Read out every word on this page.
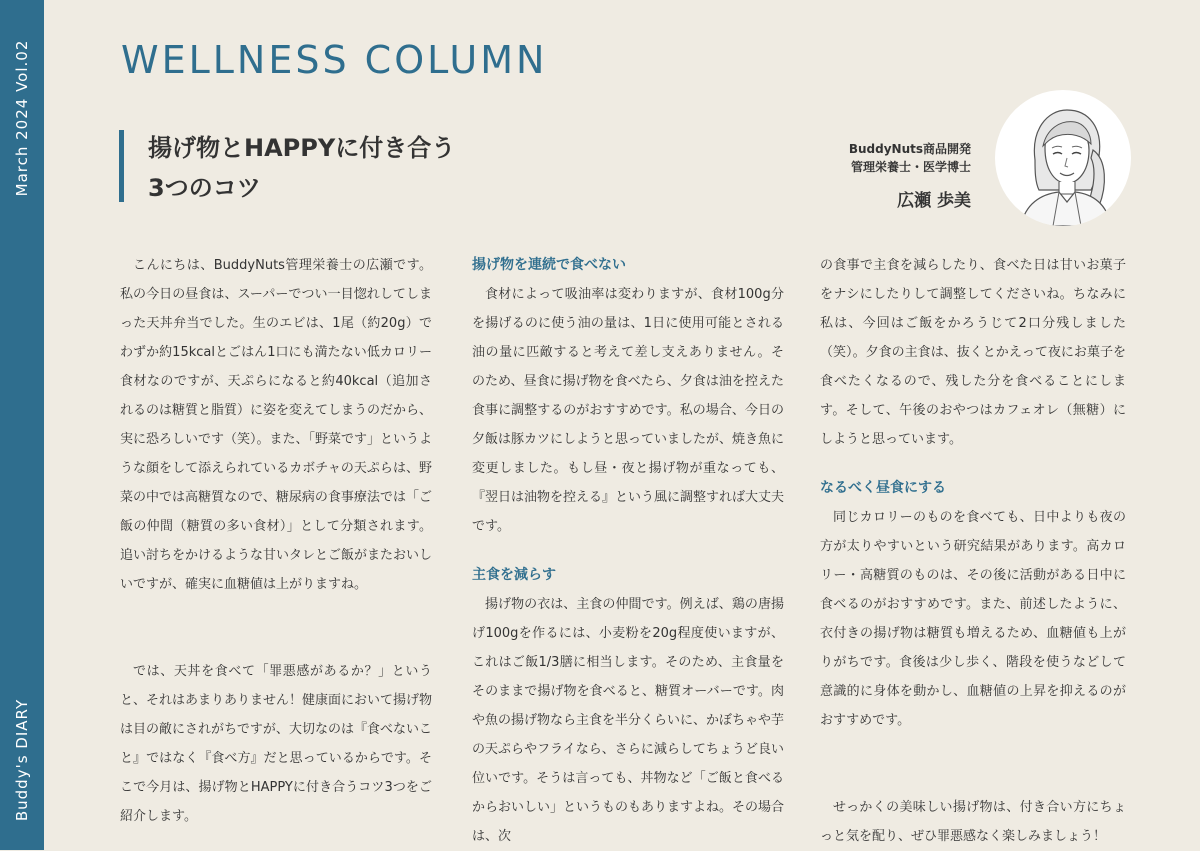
March 2024 Vol.02
Buddy's DIARY
WELLNESS COLUMN
揚げ物とHAPPYに付き合う
3つのコツ
BuddyNuts商品開発
管理栄養士・医学博士
広瀬 歩美

こんにちは、BuddyNuts管理栄養士の広瀬です。私の今日の昼食は、スーパーでつい一目惚れしてしまった天丼弁当でした。生のエビは、1尾（約20g）でわずか約15kcalとごはん1口にも満たない低カロリー食材なのですが、天ぷらになると約40kcal（追加されるのは糖質と脂質）に姿を変えてしまうのだから、実に恐ろしいです（笑）。また、「野菜です」というような顔をして添えられているカボチャの天ぷらは、野菜の中では高糖質なので、糖尿病の食事療法では「ご飯の仲間（糖質の多い食材）」として分類されます。追い討ちをかけるような甘いタレとご飯がまたおいしいですが、確実に血糖値は上がりますね。

では、天丼を食べて「罪悪感があるか？」というと、それはあまりありません！健康面において揚げ物は目の敵にされがちですが、大切なのは『食べないこと』ではなく『食べ方』だと思っているからです。そこで今月は、揚げ物とHAPPYに付き合うコツ3つをご紹介します。

揚げ物を連続で食べない

食材によって吸油率は変わりますが、食材100g分を揚げるのに使う油の量は、1日に使用可能とされる油の量に匹敵すると考えて差し支えありません。そのため、昼食に揚げ物を食べたら、夕食は油を控えた食事に調整するのがおすすめです。私の場合、今日の夕飯は豚カツにしようと思っていましたが、焼き魚に変更しました。もし昼・夜と揚げ物が重なっても、『翌日は油物を控える』という風に調整すれば大丈夫です。

主食を減らす

揚げ物の衣は、主食の仲間です。例えば、鶏の唐揚げ100gを作るには、小麦粉を20g程度使いますが、これはご飯1/3膳に相当します。そのため、主食量をそのままで揚げ物を食べると、糖質オーバーです。肉や魚の揚げ物なら主食を半分くらいに、かぼちゃや芋の天ぷらやフライなら、さらに減らしてちょうど良い位いです。そうは言っても、丼物など「ご飯と食べるからおいしい」というものもありますよね。その場合は、次

の食事で主食を減らしたり、食べた日は甘いお菓子をナシにしたりして調整してくださいね。ちなみに私は、今回はご飯をかろうじて2口分残しました（笑）。夕食の主食は、抜くとかえって夜にお菓子を食べたくなるので、残した分を食べることにします。そして、午後のおやつはカフェオレ（無糖）にしようと思っています。

なるべく昼食にする

同じカロリーのものを食べても、日中よりも夜の方が太りやすいという研究結果があります。高カロリー・高糖質のものは、その後に活動がある日中に食べるのがおすすめです。また、前述したように、衣付きの揚げ物は糖質も増えるため、血糖値も上がりがちです。食後は少し歩く、階段を使うなどして意識的に身体を動かし、血糖値の上昇を抑えるのがおすすめです。

せっかくの美味しい揚げ物は、付き合い方にちょっと気を配り、ぜひ罪悪感なく楽しみましょう！
